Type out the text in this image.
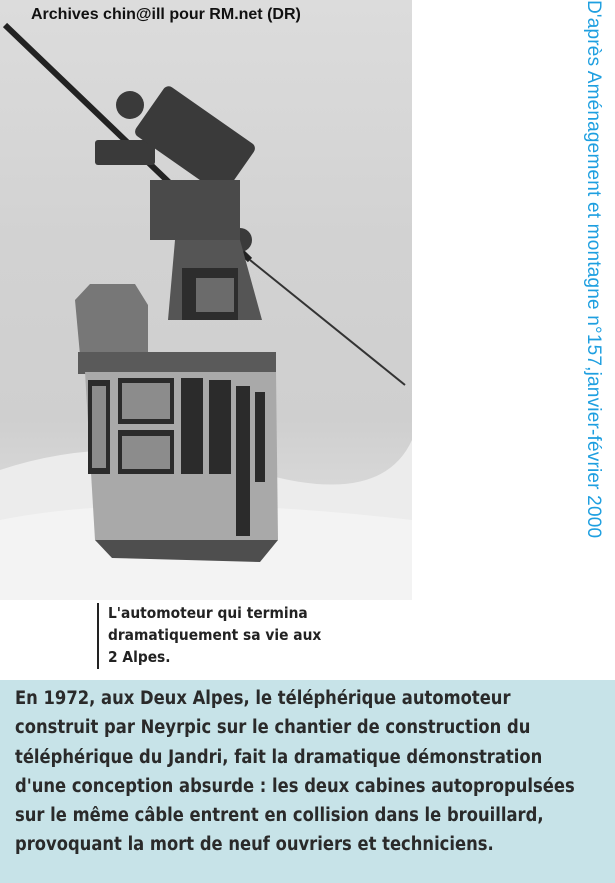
Archives chin@ill pour RM.net (DR)
L'automoteur qui termina
dramatiquement sa vie aux
2 Alpes.
D'après Aménagement et montagne n°157,janvier-février 2000
En 1972, aux Deux Alpes, le téléphérique automoteur
construit par Neyrpic sur le chantier de construction du
téléphérique du Jandri, fait la dramatique démonstration
d'une conception absurde : les deux cabines autopropulsées
sur le même câble entrent en collision dans le brouillard,
provoquant la mort de neuf ouvriers et techniciens.
